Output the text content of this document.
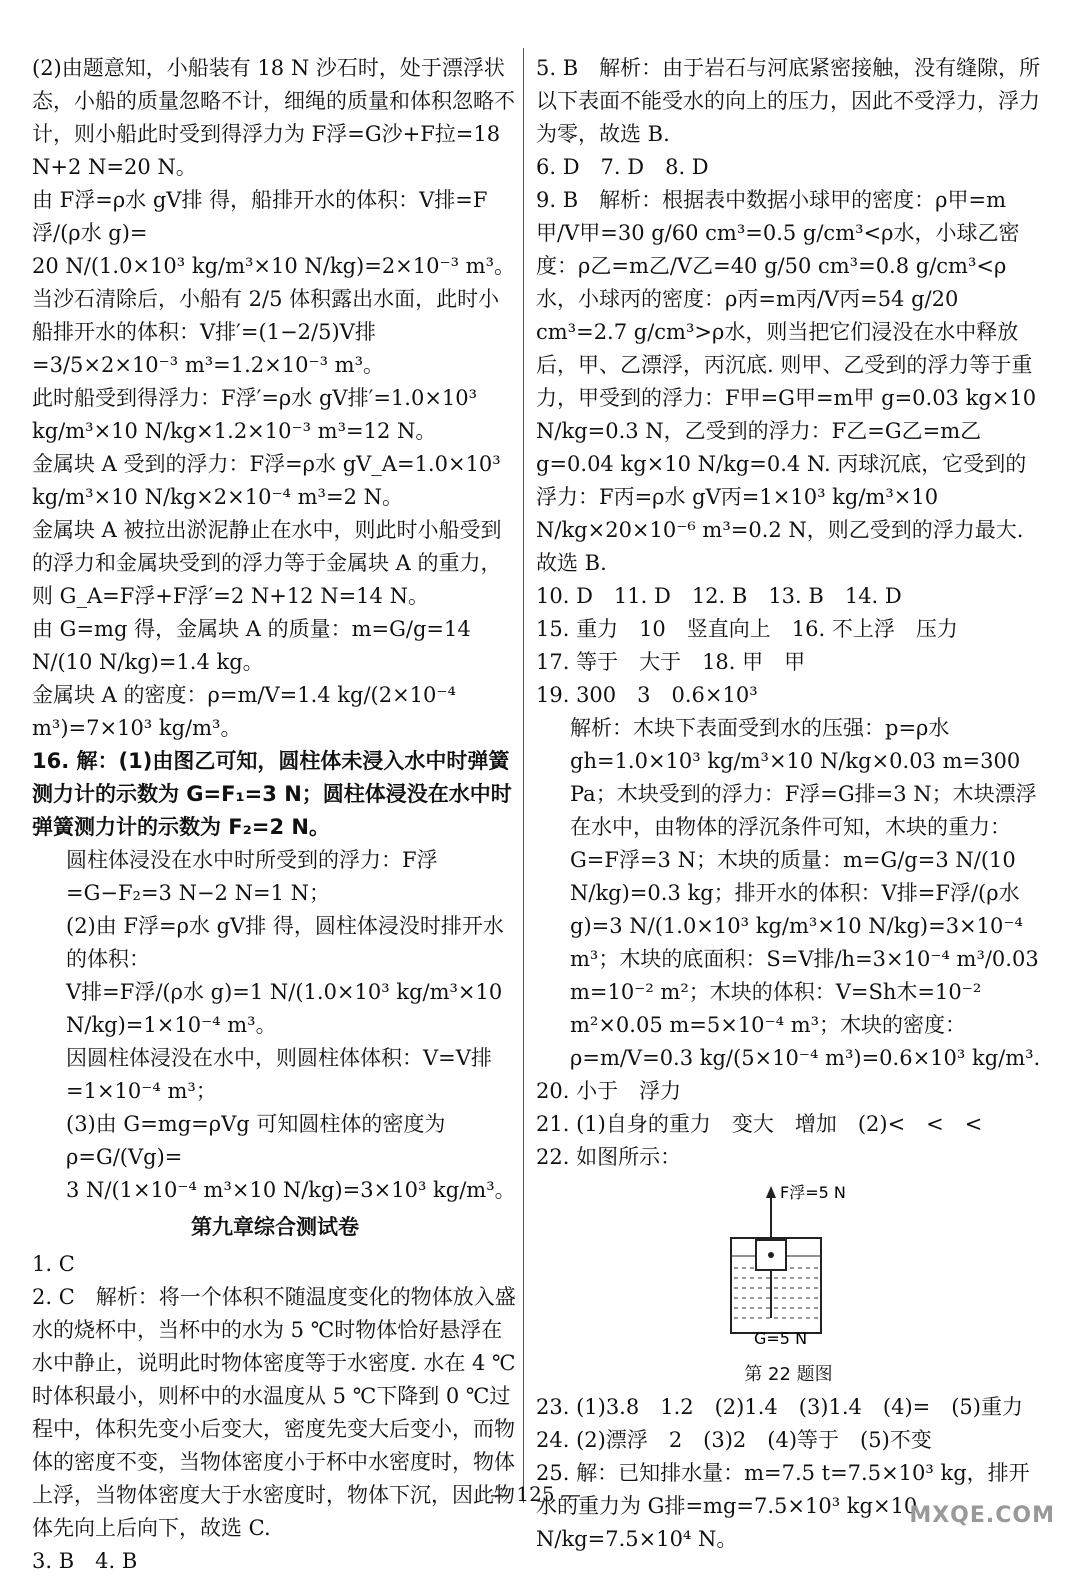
(2)由题意知，小船装有 18 N 沙石时，处于漂浮状态，小船的质量忽略不计，细绳的质量和体积忽略不计，则小船此时受到得浮力为 F浮=G沙+F拉=18 N+2 N=20 N。

由 F浮=ρ水 gV排 得，船排开水的体积：V排=F浮/(ρ水 g)=

20 N/(1.0×10³ kg/m³×10 N/kg)=2×10⁻³ m³。

当沙石清除后，小船有 2/5 体积露出水面，此时小船排开水的体积：V排′=(1−2/5)V排=3/5×2×10⁻³ m³=1.2×10⁻³ m³。

此时船受到得浮力：F浮′=ρ水 gV排′=1.0×10³ kg/m³×10 N/kg×1.2×10⁻³ m³=12 N。

金属块 A 受到的浮力：F浮=ρ水 gV_A=1.0×10³ kg/m³×10 N/kg×2×10⁻⁴ m³=2 N。

金属块 A 被拉出淤泥静止在水中，则此时小船受到的浮力和金属块受到的浮力等于金属块 A 的重力，则 G_A=F浮+F浮′=2 N+12 N=14 N。

由 G=mg 得，金属块 A 的质量：m=G/g=14 N/(10 N/kg)=1.4 kg。

金属块 A 的密度：ρ=m/V=1.4 kg/(2×10⁻⁴ m³)=7×10³ kg/m³。

16. 解：(1)由图乙可知，圆柱体未浸入水中时弹簧测力计的示数为 G=F₁=3 N；圆柱体浸没在水中时弹簧测力计的示数为 F₂=2 N。

圆柱体浸没在水中时所受到的浮力：F浮=G−F₂=3 N−2 N=1 N；

(2)由 F浮=ρ水 gV排 得，圆柱体浸没时排开水的体积：

V排=F浮/(ρ水 g)=1 N/(1.0×10³ kg/m³×10 N/kg)=1×10⁻⁴ m³。

因圆柱体浸没在水中，则圆柱体体积：V=V排=1×10⁻⁴ m³；

(3)由 G=mg=ρVg 可知圆柱体的密度为 ρ=G/(Vg)=

3 N/(1×10⁻⁴ m³×10 N/kg)=3×10³ kg/m³。

第九章综合测试卷

1. C

2. C　解析：将一个体积不随温度变化的物体放入盛水的烧杯中，当杯中的水为 5 ℃时物体恰好悬浮在水中静止，说明此时物体密度等于水密度. 水在 4 ℃时体积最小，则杯中的水温度从 5 ℃下降到 0 ℃过程中，体积先变小后变大，密度先变大后变小，而物体的密度不变，当物体密度小于杯中水密度时，物体上浮，当物体密度大于水密度时，物体下沉，因此物体先向上后向下，故选 C.

3. B　4. B

5. B　解析：由于岩石与河底紧密接触，没有缝隙，所以下表面不能受水的向上的压力，因此不受浮力，浮力为零，故选 B.

6. D　7. D　8. D

9. B　解析：根据表中数据小球甲的密度：ρ甲=m甲/V甲=30 g/60 cm³=0.5 g/cm³<ρ水，小球乙密度：ρ乙=m乙/V乙=40 g/50 cm³=0.8 g/cm³<ρ水，小球丙的密度：ρ丙=m丙/V丙=54 g/20 cm³=2.7 g/cm³>ρ水，则当把它们浸没在水中释放后，甲、乙漂浮，丙沉底. 则甲、乙受到的浮力等于重力，甲受到的浮力：F甲=G甲=m甲 g=0.03 kg×10 N/kg=0.3 N，乙受到的浮力：F乙=G乙=m乙 g=0.04 kg×10 N/kg=0.4 N. 丙球沉底，它受到的浮力：F丙=ρ水 gV丙=1×10³ kg/m³×10 N/kg×20×10⁻⁶ m³=0.2 N，则乙受到的浮力最大. 故选 B.

10. D　11. D　12. B　13. B　14. D

15. 重力　10　竖直向上　16. 不上浮　压力

17. 等于　大于　18. 甲　甲

19. 300　3　0.6×10³

解析：木块下表面受到水的压强：p=ρ水 gh=1.0×10³ kg/m³×10 N/kg×0.03 m=300 Pa；木块受到的浮力：F浮=G排=3 N；木块漂浮在水中，由物体的浮沉条件可知，木块的重力：G=F浮=3 N；木块的质量：m=G/g=3 N/(10 N/kg)=0.3 kg；排开水的体积：V排=F浮/(ρ水 g)=3 N/(1.0×10³ kg/m³×10 N/kg)=3×10⁻⁴ m³；木块的底面积：S=V排/h=3×10⁻⁴ m³/0.03 m=10⁻² m²；木块的体积：V=Sh木=10⁻² m²×0.05 m=5×10⁻⁴ m³；木块的密度：ρ=m/V=0.3 kg/(5×10⁻⁴ m³)=0.6×10³ kg/m³.

20. 小于　浮力

21. (1)自身的重力　变大　增加　(2)<　<　<

22. 如图所示：

F浮=5 N
G=5 N

第 22 题图

23. (1)3.8　1.2　(2)1.4　(3)1.4　(4)=　(5)重力

24. (2)漂浮　2　(3)2　(4)等于　(5)不变

25. 解：已知排水量：m=7.5 t=7.5×10³ kg，排开水的重力为 G排=mg=7.5×10³ kg×10 N/kg=7.5×10⁴ N。

— 125 —
MXQE.COM
